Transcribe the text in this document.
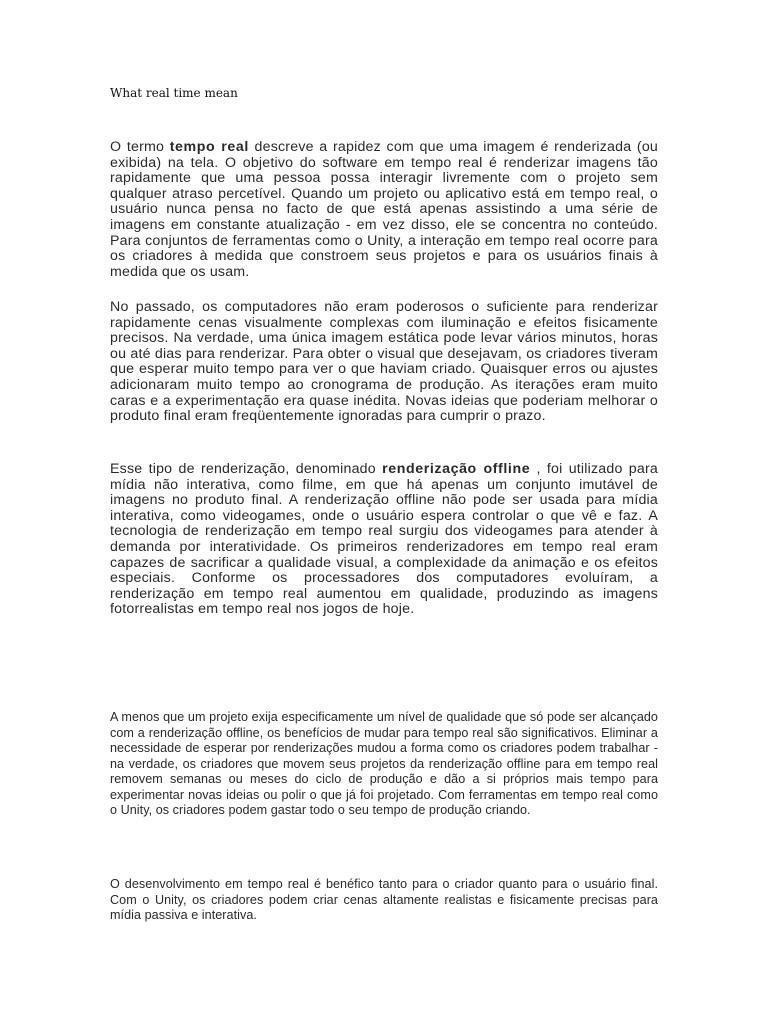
What real time mean

O termo tempo real descreve a rapidez com que uma imagem é renderizada (ou exibida) na tela. O objetivo do software em tempo real é renderizar imagens tão rapidamente que uma pessoa possa interagir livremente com o projeto sem qualquer atraso percetível. Quando um projeto ou aplicativo está em tempo real, o usuário nunca pensa no facto de que está apenas assistindo a uma série de imagens em constante atualização - em vez disso, ele se concentra no conteúdo. Para conjuntos de ferramentas como o Unity, a interação em tempo real ocorre para os criadores à medida que constroem seus projetos e para os usuários finais à medida que os usam.

No passado, os computadores não eram poderosos o suficiente para renderizar rapidamente cenas visualmente complexas com iluminação e efeitos fisicamente precisos. Na verdade, uma única imagem estática pode levar vários minutos, horas ou até dias para renderizar. Para obter o visual que desejavam, os criadores tiveram que esperar muito tempo para ver o que haviam criado. Quaisquer erros ou ajustes adicionaram muito tempo ao cronograma de produção. As iterações eram muito caras e a experimentação era quase inédita. Novas ideias que poderiam melhorar o produto final eram freqüentemente ignoradas para cumprir o prazo.

Esse tipo de renderização, denominado renderização offline , foi utilizado para mídia não interativa, como filme, em que há apenas um conjunto imutável de imagens no produto final. A renderização offline não pode ser usada para mídia interativa, como videogames, onde o usuário espera controlar o que vê e faz. A tecnologia de renderização em tempo real surgiu dos videogames para atender à demanda por interatividade. Os primeiros renderizadores em tempo real eram capazes de sacrificar a qualidade visual, a complexidade da animação e os efeitos especiais. Conforme os processadores dos computadores evoluíram, a renderização em tempo real aumentou em qualidade, produzindo as imagens fotorrealistas em tempo real nos jogos de hoje.

A menos que um projeto exija especificamente um nível de qualidade que só pode ser alcançado com a renderização offline, os benefícios de mudar para tempo real são significativos. Eliminar a necessidade de esperar por renderizações mudou a forma como os criadores podem trabalhar - na verdade, os criadores que movem seus projetos da renderização offline para em tempo real removem semanas ou meses do ciclo de produção e dão a si próprios mais tempo para experimentar novas ideias ou polir o que já foi projetado. Com ferramentas em tempo real como o Unity, os criadores podem gastar todo o seu tempo de produção criando.

O desenvolvimento em tempo real é benéfico tanto para o criador quanto para o usuário final. Com o Unity, os criadores podem criar cenas altamente realistas e fisicamente precisas para mídia passiva e interativa.
